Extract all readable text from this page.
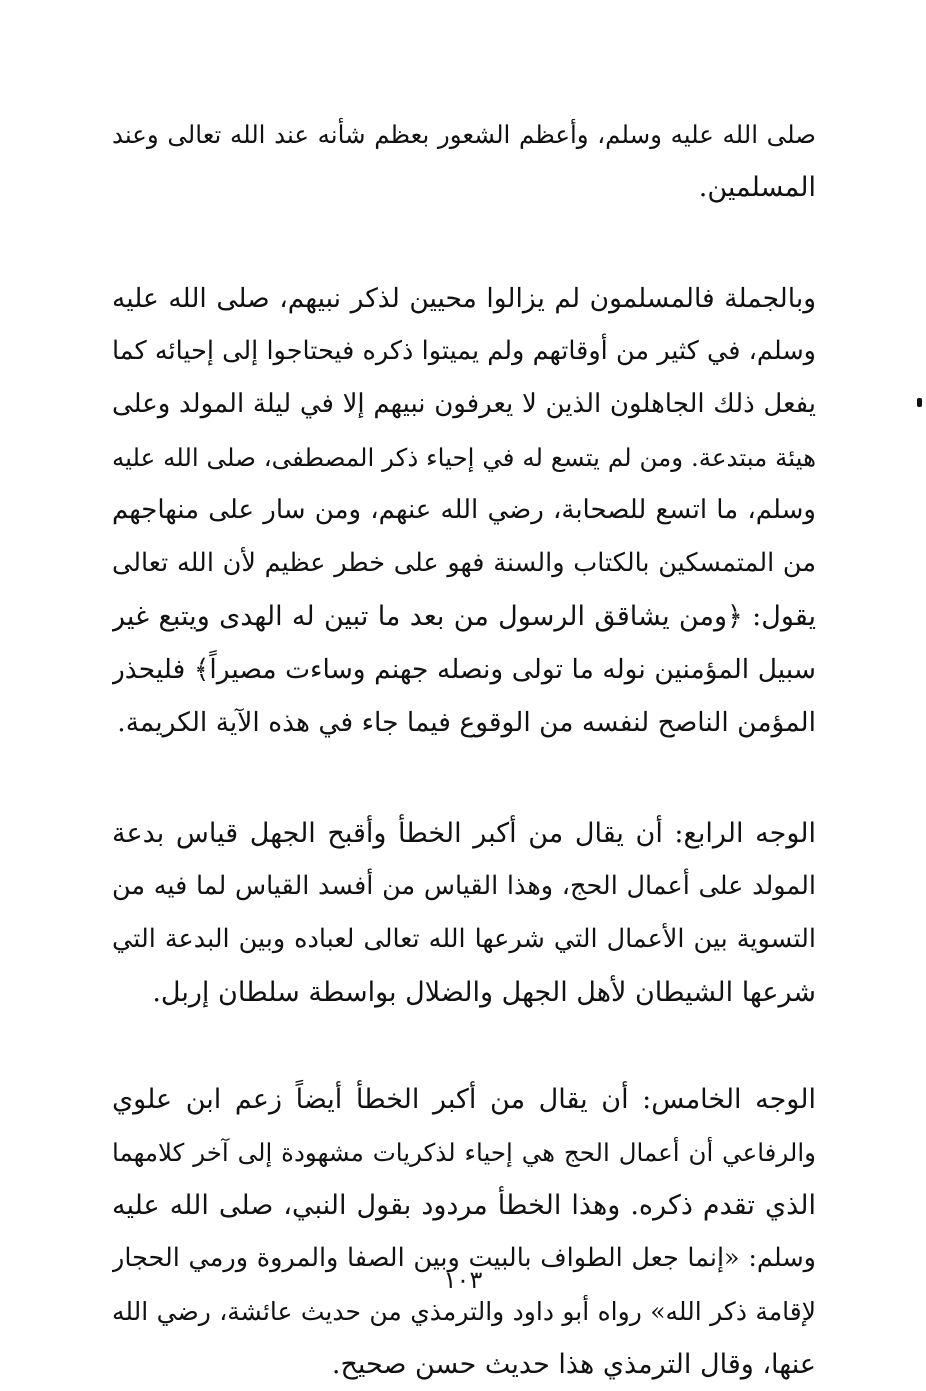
صلى الله عليه وسلم، وأعظم الشعور بعظم شأنه عند الله تعالى وعند
المسلمين.
وبالجملة فالمسلمون لم يزالوا محيين لذكر نبيهم، صلى الله عليه
وسلم، في كثير من أوقاتهم ولم يميتوا ذكره فيحتاجوا إلى إحيائه كما
يفعل ذلك الجاهلون الذين لا يعرفون نبيهم إلا في ليلة المولد وعلى
هيئة مبتدعة. ومن لم يتسع له في إحياء ذكر المصطفى، صلى الله عليه
وسلم، ما اتسع للصحابة، رضي الله عنهم، ومن سار على منهاجهم
من المتمسكين بالكتاب والسنة فهو على خطر عظيم لأن الله تعالى
يقول: ﴿ومن يشاقق الرسول من بعد ما تبين له الهدى ويتبع غير
سبيل المؤمنين نوله ما تولى ونصله جهنم وساءت مصيراً﴾ فليحذر
المؤمن الناصح لنفسه من الوقوع فيما جاء في هذه الآية الكريمة.
الوجه الرابع: أن يقال من أكبر الخطأ وأقبح الجهل قياس بدعة
المولد على أعمال الحج، وهذا القياس من أفسد القياس لما فيه من
التسوية بين الأعمال التي شرعها الله تعالى لعباده وبين البدعة التي
شرعها الشيطان لأهل الجهل والضلال بواسطة سلطان إربل.
الوجه الخامس: أن يقال من أكبر الخطأ أيضاً زعم ابن علوي
والرفاعي أن أعمال الحج هي إحياء لذكريات مشهودة إلى آخر كلامهما
الذي تقدم ذكره. وهذا الخطأ مردود بقول النبي، صلى الله عليه
وسلم: «إنما جعل الطواف بالبيت وبين الصفا والمروة ورمي الحجار
لإقامة ذكر الله» رواه أبو داود والترمذي من حديث عائشة، رضي الله
عنها، وقال الترمذي هذا حديث حسن صحيح.
١٠٣
